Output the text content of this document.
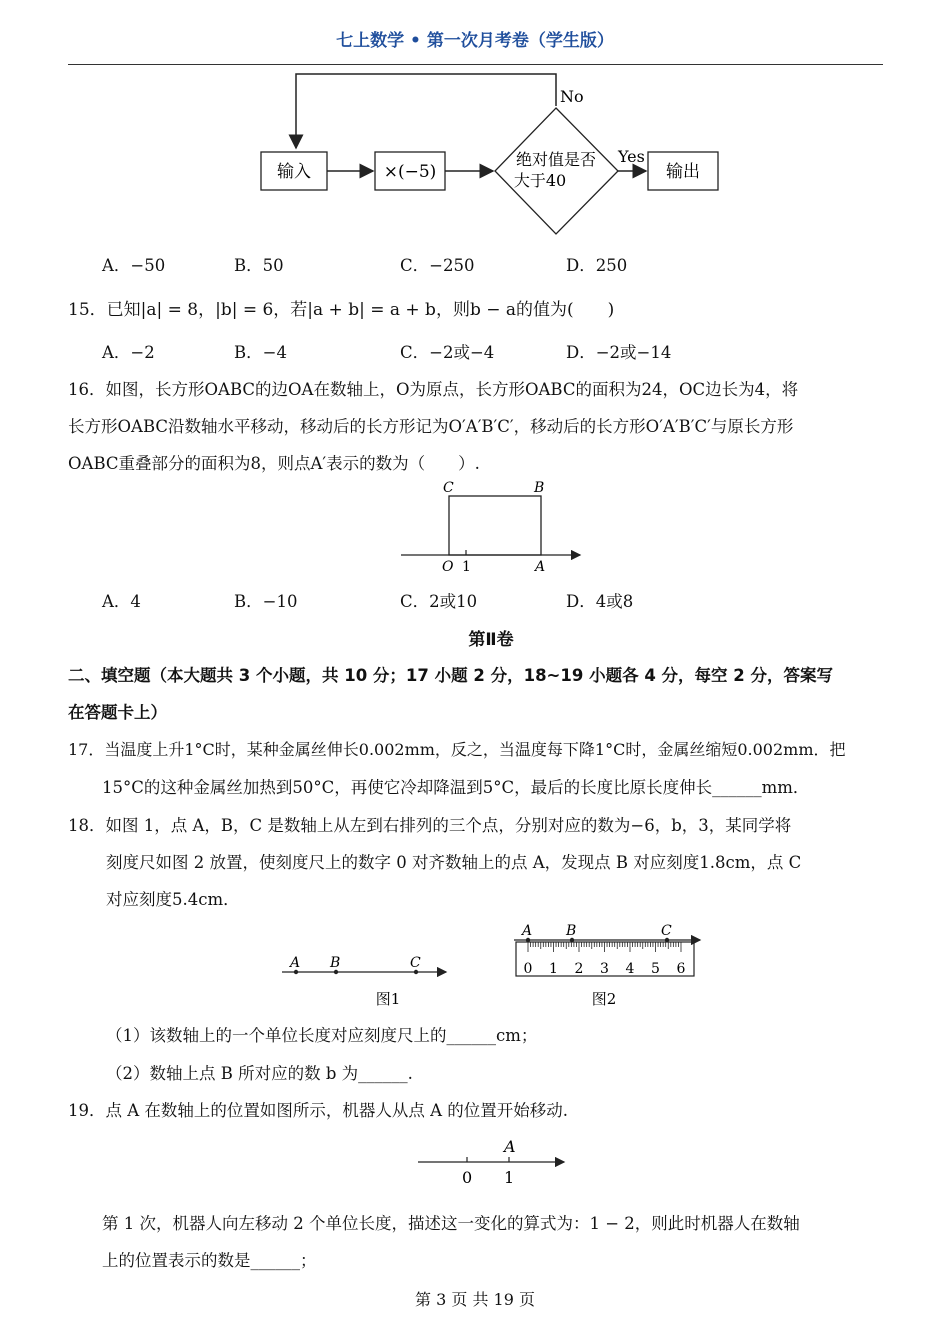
七上数学 • 第一次月考卷（学生版）
输入	×(−5)
绝对值是否
大于40
No
Yes
输出
A．−50	B．50	C．−250	D．250
15．已知|a| = 8，|b| = 6，若|a + b| = a + b，则b − a的值为(　　)
A．−2	B．−4	C．−2或−4	D．−2或−14
16．如图，长方形OABC的边OA在数轴上，O为原点，长方形OABC的面积为24，OC边长为4，将
长方形OABC沿数轴水平移动，移动后的长方形记为O′A′B′C′，移动后的长方形O′A′B′C′与原长方形
OABC重叠部分的面积为8，则点A′表示的数为（　　）.
C	B
O 1	A
A．4	B．−10	C．2或10	D．4或8
第Ⅱ卷
二、填空题（本大题共 3 个小题，共 10 分；17 小题 2 分，18~19 小题各 4 分，每空 2 分，答案写
在答题卡上）
17．当温度上升1°C时，某种金属丝伸长0.002mm，反之，当温度每下降1°C时，金属丝缩短0.002mm．把
15°C的这种金属丝加热到50°C，再使它冷却降温到5°C，最后的长度比原长度伸长______mm．
18．如图 1，点 A，B，C 是数轴上从左到右排列的三个点，分别对应的数为−6，b，3，某同学将
刻度尺如图 2 放置，使刻度尺上的数字 0 对齐数轴上的点 A，发现点 B 对应刻度1.8cm，点 C
对应刻度5.4cm．
A B	C
图1
A B	C
0 1 2 3 4 5 6
图2
（1）该数轴上的一个单位长度对应刻度尺上的______cm；
（2）数轴上点 B 所对应的数 b 为______.
19．点 A 在数轴上的位置如图所示，机器人从点 A 的位置开始移动.
A
0 1
第 1 次，机器人向左移动 2 个单位长度，描述这一变化的算式为：1 − 2，则此时机器人在数轴
上的位置表示的数是______；
第 3 页 共 19 页
